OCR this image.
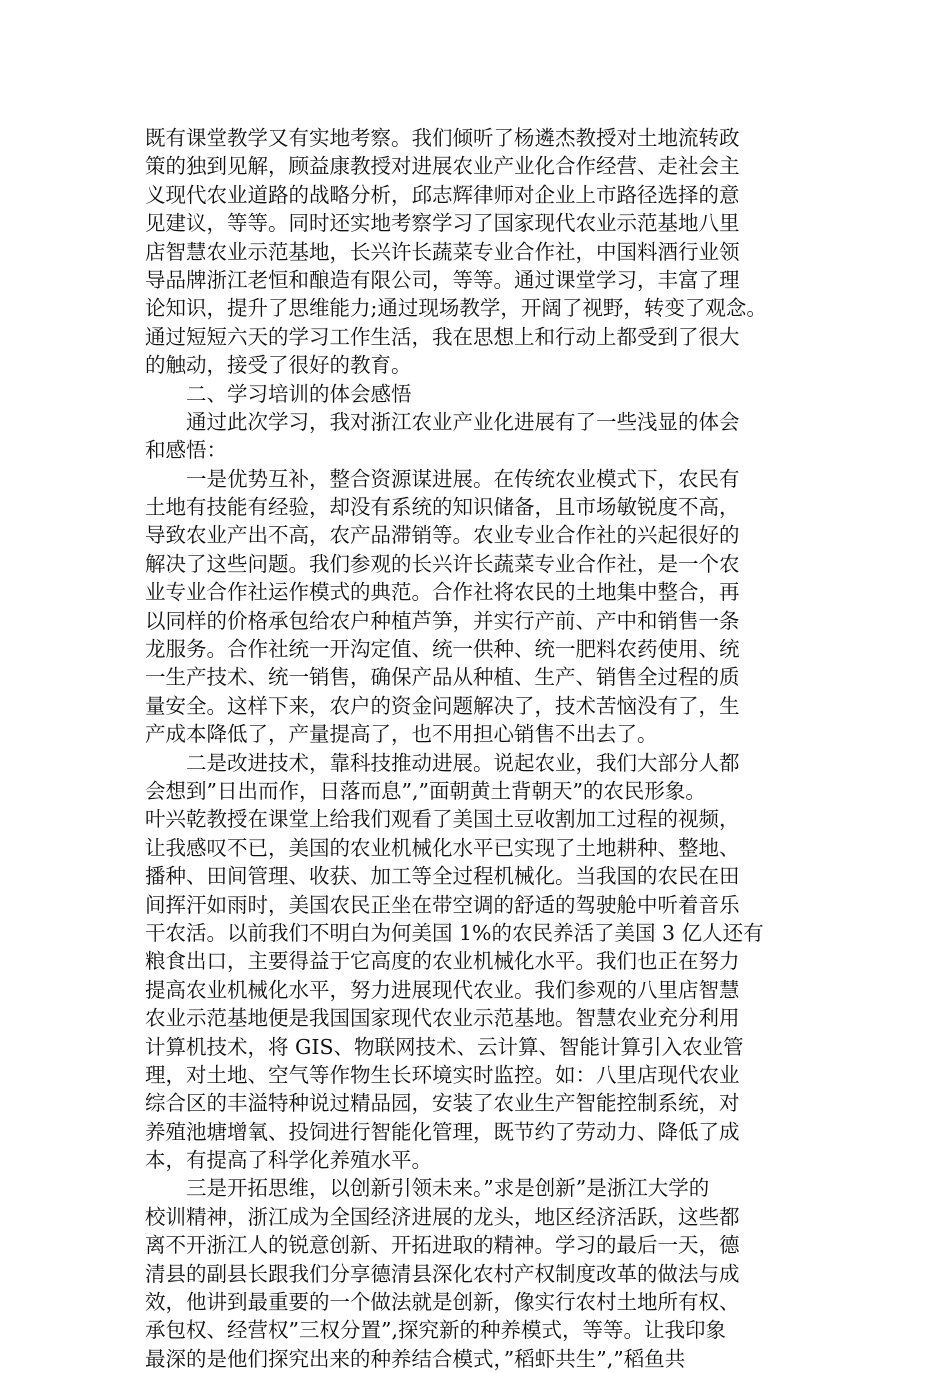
既有课堂教学又有实地考察。我们倾听了杨遴杰教授对土地流转政
策的独到见解，顾益康教授对进展农业产业化合作经营、走社会主
义现代农业道路的战略分析，邱志辉律师对企业上市路径选择的意
见建议，等等。同时还实地考察学习了国家现代农业示范基地八里
店智慧农业示范基地，长兴许长蔬菜专业合作社，中国料酒行业领
导品牌浙江老恒和酿造有限公司，等等。通过课堂学习，丰富了理
论知识，提升了思维能力;通过现场教学，开阔了视野，转变了观念。
通过短短六天的学习工作生活，我在思想上和行动上都受到了很大
的触动，接受了很好的教育。
二、学习培训的体会感悟
通过此次学习，我对浙江农业产业化进展有了一些浅显的体会
和感悟：
一是优势互补，整合资源谋进展。在传统农业模式下，农民有
土地有技能有经验，却没有系统的知识储备，且市场敏锐度不高，
导致农业产出不高，农产品滞销等。农业专业合作社的兴起很好的
解决了这些问题。我们参观的长兴许长蔬菜专业合作社，是一个农
业专业合作社运作模式的典范。合作社将农民的土地集中整合，再
以同样的价格承包给农户种植芦笋，并实行产前、产中和销售一条
龙服务。合作社统一开沟定值、统一供种、统一肥料农药使用、统
一生产技术、统一销售，确保产品从种植、生产、销售全过程的质
量安全。这样下来，农户的资金问题解决了，技术苦恼没有了，生
产成本降低了，产量提高了，也不用担心销售不出去了。
二是改进技术，靠科技推动进展。说起农业，我们大部分人都
会想到”日出而作，日落而息”,”面朝黄土背朝天”的农民形象。
叶兴乾教授在课堂上给我们观看了美国土豆收割加工过程的视频，
让我感叹不已，美国的农业机械化水平已实现了土地耕种、整地、
播种、田间管理、收获、加工等全过程机械化。当我国的农民在田
间挥汗如雨时，美国农民正坐在带空调的舒适的驾驶舱中听着音乐
干农活。以前我们不明白为何美国 1%的农民养活了美国 3 亿人还有
粮食出口，主要得益于它高度的农业机械化水平。我们也正在努力
提高农业机械化水平，努力进展现代农业。我们参观的八里店智慧
农业示范基地便是我国国家现代农业示范基地。智慧农业充分利用
计算机技术，将 GIS、物联网技术、云计算、智能计算引入农业管
理，对土地、空气等作物生长环境实时监控。如：八里店现代农业
综合区的丰溢特种说过精品园，安装了农业生产智能控制系统，对
养殖池塘增氧、投饲进行智能化管理，既节约了劳动力、降低了成
本，有提高了科学化养殖水平。
三是开拓思维，以创新引领未来。”求是创新”是浙江大学的
校训精神，浙江成为全国经济进展的龙头，地区经济活跃，这些都
离不开浙江人的锐意创新、开拓进取的精神。学习的最后一天，德
清县的副县长跟我们分享德清县深化农村产权制度改革的做法与成
效，他讲到最重要的一个做法就是创新，像实行农村土地所有权、
承包权、经营权”三权分置”,探究新的种养模式，等等。让我印象
最深的是他们探究出来的种养结合模式，”稻虾共生”,”稻鱼共
